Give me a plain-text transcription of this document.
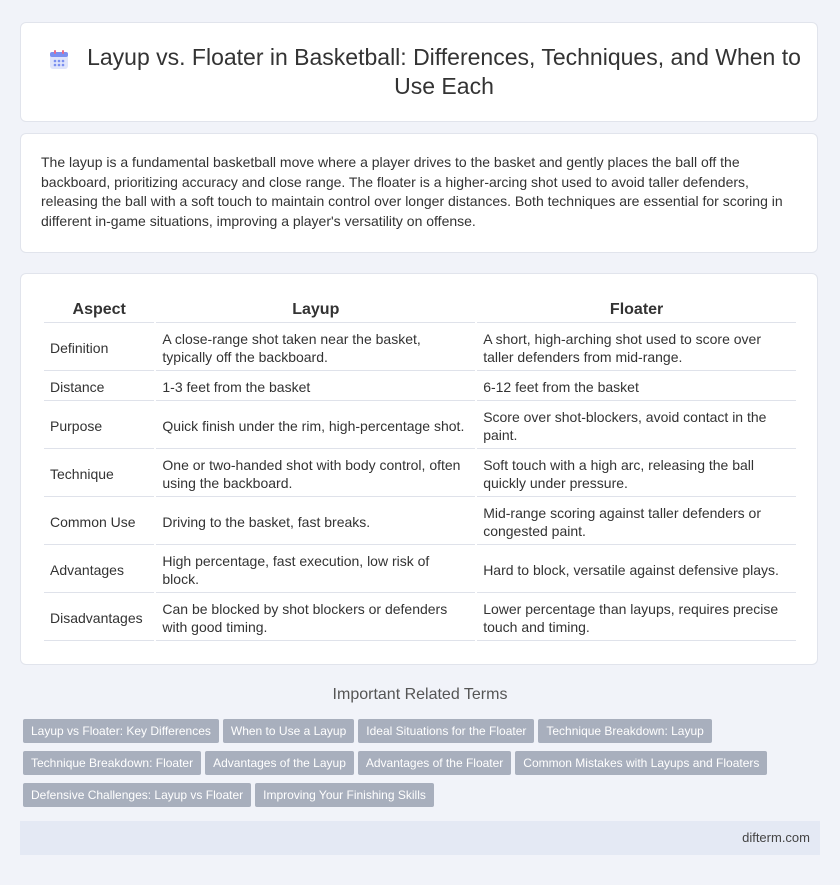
Layup vs. Floater in Basketball: Differences, Techniques, and When to Use Each

The layup is a fundamental basketball move where a player drives to the basket and gently places the ball off the backboard, prioritizing accuracy and close range. The floater is a higher-arcing shot used to avoid taller defenders, releasing the ball with a soft touch to maintain control over longer distances. Both techniques are essential for scoring in different in-game situations, improving a player's versatility on offense.

Aspect	Layup	Floater
Definition	A close-range shot taken near the basket, typically off the backboard.	A short, high-arching shot used to score over taller defenders from mid-range.
Distance	1-3 feet from the basket	6-12 feet from the basket
Purpose	Quick finish under the rim, high-percentage shot.	Score over shot-blockers, avoid contact in the paint.
Technique	One or two-handed shot with body control, often using the backboard.	Soft touch with a high arc, releasing the ball quickly under pressure.
Common Use	Driving to the basket, fast breaks.	Mid-range scoring against taller defenders or congested paint.
Advantages	High percentage, fast execution, low risk of block.	Hard to block, versatile against defensive plays.
Disadvantages	Can be blocked by shot blockers or defenders with good timing.	Lower percentage than layups, requires precise touch and timing.
Important Related Terms
Layup vs Floater: Key Differences When to Use a Layup Ideal Situations for the Floater Technique Breakdown: Layup
Technique Breakdown: Floater Advantages of the Layup Advantages of the Floater Common Mistakes with Layups and Floaters
Defensive Challenges: Layup vs Floater Improving Your Finishing Skills
difterm.com
